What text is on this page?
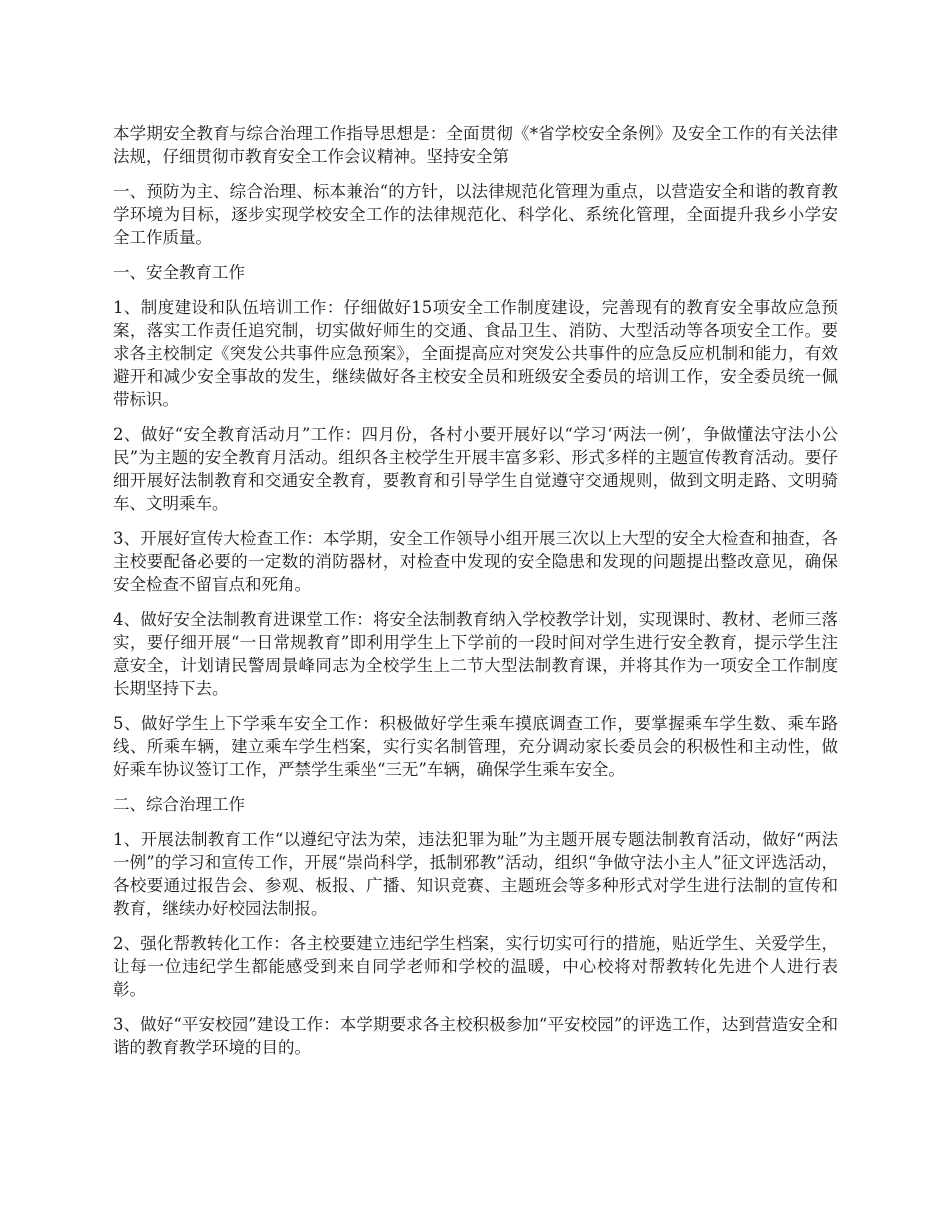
本学期安全教育与综合治理工作指导思想是：全面贯彻《*省学校安全条例》及安全工作的有关法律法规，仔细贯彻市教育安全工作会议精神。坚持安全第

一、预防为主、综合治理、标本兼治“的方针，以法律规范化管理为重点，以营造安全和谐的教育教学环境为目标，逐步实现学校安全工作的法律规范化、科学化、系统化管理，全面提升我乡小学安全工作质量。

一、安全教育工作

1、制度建设和队伍培训工作：仔细做好15项安全工作制度建设，完善现有的教育安全事故应急预案，落实工作责任追究制，切实做好师生的交通、食品卫生、消防、大型活动等各项安全工作。要求各主校制定《突发公共事件应急预案》，全面提高应对突发公共事件的应急反应机制和能力，有效避开和减少安全事故的发生，继续做好各主校安全员和班级安全委员的培训工作，安全委员统一佩带标识。

2、做好“安全教育活动月”工作：四月份，各村小要开展好以“学习‘两法一例’，争做懂法守法小公民”为主题的安全教育月活动。组织各主校学生开展丰富多彩、形式多样的主题宣传教育活动。要仔细开展好法制教育和交通安全教育，要教育和引导学生自觉遵守交通规则，做到文明走路、文明骑车、文明乘车。

3、开展好宣传大检查工作：本学期，安全工作领导小组开展三次以上大型的安全大检查和抽查，各主校要配备必要的一定数的消防器材，对检查中发现的安全隐患和发现的问题提出整改意见，确保安全检查不留盲点和死角。

4、做好安全法制教育进课堂工作：将安全法制教育纳入学校教学计划，实现课时、教材、老师三落实，要仔细开展“一日常规教育”即利用学生上下学前的一段时间对学生进行安全教育，提示学生注意安全，计划请民警周景峰同志为全校学生上二节大型法制教育课，并将其作为一项安全工作制度长期坚持下去。

5、做好学生上下学乘车安全工作：积极做好学生乘车摸底调查工作，要掌握乘车学生数、乘车路线、所乘车辆，建立乘车学生档案，实行实名制管理，充分调动家长委员会的积极性和主动性，做好乘车协议签订工作，严禁学生乘坐“三无”车辆，确保学生乘车安全。

二、综合治理工作

1、开展法制教育工作“以遵纪守法为荣，违法犯罪为耻”为主题开展专题法制教育活动，做好“两法一例”的学习和宣传工作，开展“崇尚科学，抵制邪教”活动，组织“争做守法小主人”征文评选活动，各校要通过报告会、参观、板报、广播、知识竞赛、主题班会等多种形式对学生进行法制的宣传和教育，继续办好校园法制报。

2、强化帮教转化工作：各主校要建立违纪学生档案，实行切实可行的措施，贴近学生、关爱学生，让每一位违纪学生都能感受到来自同学老师和学校的温暖，中心校将对帮教转化先进个人进行表彰。

3、做好“平安校园”建设工作：本学期要求各主校积极参加“平安校园”的评选工作，达到营造安全和谐的教育教学环境的目的。
